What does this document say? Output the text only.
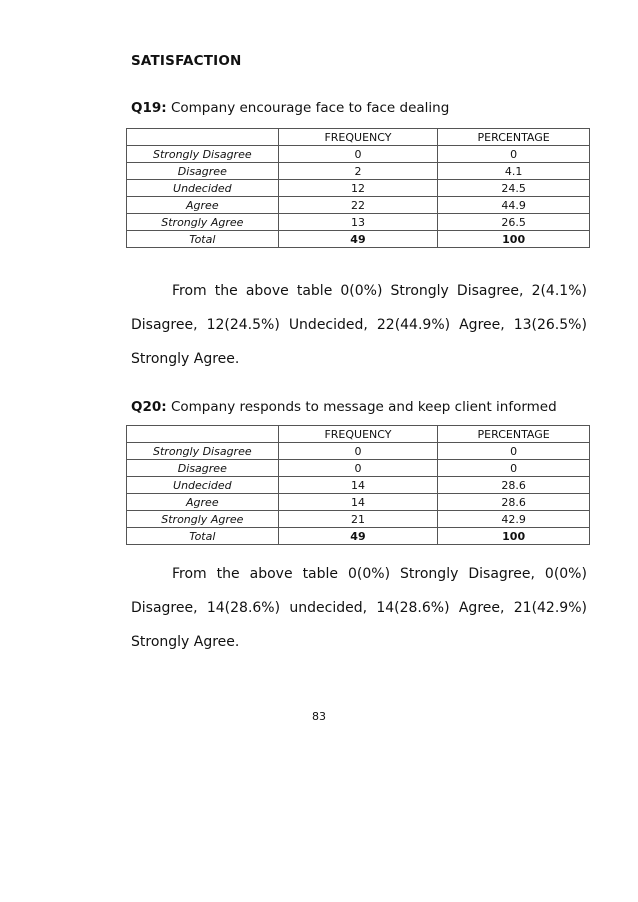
SATISFACTION
Q19: Company encourage face to face dealing
	FREQUENCY	PERCENTAGE
Strongly Disagree	0	0
Disagree	2	4.1
Undecided	12	24.5
Agree	22	44.9
Strongly Agree	13	26.5
Total	49	100
From the above table 0(0%) Strongly Disagree, 2(4.1%)
Disagree, 12(24.5%) Undecided, 22(44.9%) Agree, 13(26.5%)
Strongly Agree.
Q20: Company responds to message and keep client informed
	FREQUENCY	PERCENTAGE
Strongly Disagree	0	0
Disagree	0	0
Undecided	14	28.6
Agree	14	28.6
Strongly Agree	21	42.9
Total	49	100
From the above table 0(0%) Strongly Disagree, 0(0%)
Disagree, 14(28.6%) undecided, 14(28.6%) Agree, 21(42.9%)
Strongly Agree.
83
